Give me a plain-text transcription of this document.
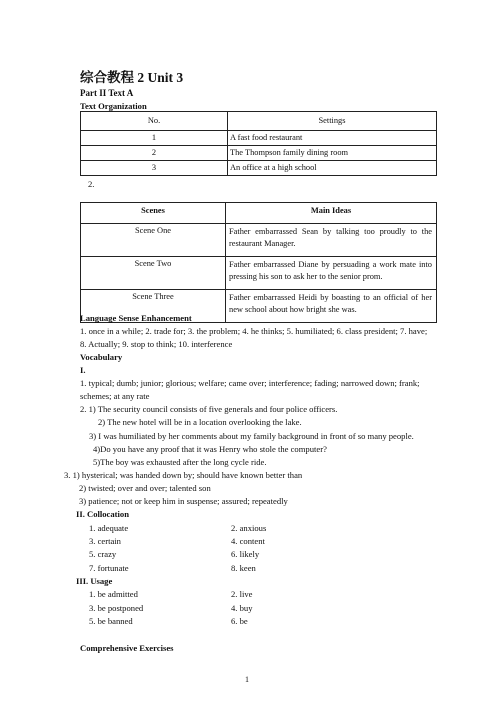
综合教程 2 Unit 3
Part II Text A
Text Organization
No.	Settings
1	A fast food restaurant
2	The Thompson family dining room
3	An office at a high school
2.
Scenes	Main Ideas
Scene One	Father embarrassed Sean by talking too proudly to the restaurant Manager.
Scene Two	Father embarrassed Diane by persuading a work mate into pressing his son to ask her to the senior prom.
Scene Three	Father embarrassed Heidi by boasting to an official of her new school about how bright she was.
Language Sense Enhancement
1. once in a while; 2. trade for; 3. the problem; 4. he thinks; 5. humiliated; 6. class president; 7. have;
8. Actually; 9. stop to think; 10. interference
Vocabulary
I.
1. typical; dumb; junior; glorious; welfare; came over; interference; fading; narrowed down; frank;
schemes; at any rate
2. 1) The security council consists of five generals and four police officers.
2) The new hotel will be in a location overlooking the lake.
3) I was humiliated by her comments about my family background in front of so many people.
4)Do you have any proof that it was Henry who stole the computer?
5)The boy was exhausted after the long cycle ride.
3. 1) hysterical; was handed down by; should have known better than
2) twisted; over and over; talented son
3) patience; not or keep him in suspense; assured; repeatedly
II. Collocation
1. adequate	2. anxious
3. certain	4. content
5. crazy	6. likely
7. fortunate	8. keen
III. Usage
1. be admitted	2. live
3. be postponed	4. buy
5. be banned	6. be
Comprehensive Exercises
1
